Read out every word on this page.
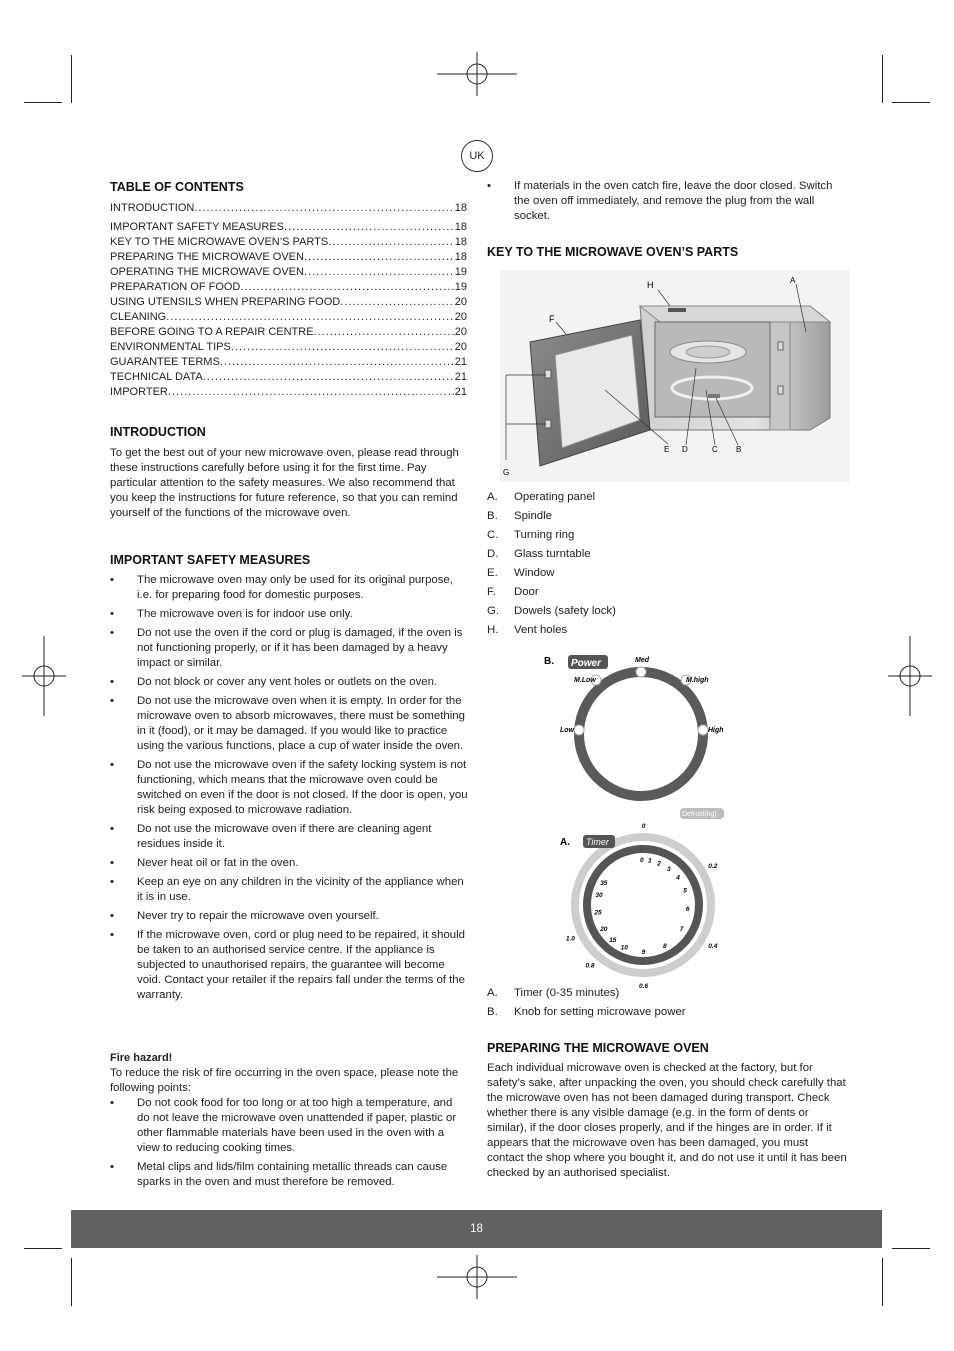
UK
TABLE OF CONTENTS
INTRODUCTION .....	18
IMPORTANT SAFETY MEASURES .....	18
KEY TO THE MICROWAVE OVEN’S PARTS .....	18
PREPARING THE MICROWAVE OVEN .....	18
OPERATING THE MICROWAVE OVEN .....	19
PREPARATION OF FOOD .....	19
USING UTENSILS WHEN PREPARING FOOD .....	20
CLEANING .....	20
BEFORE GOING TO A REPAIR CENTRE .....	20
ENVIRONMENTAL TIPS .....	20
GUARANTEE TERMS .....	21
TECHNICAL DATA .....	21
IMPORTER .....	21
INTRODUCTION

To get the best out of your new microwave oven, please read through these instructions carefully before using it for the first time. Pay particular attention to the safety measures. We also recommend that you keep the instructions for future reference, so that you can remind yourself of the functions of the microwave oven.

IMPORTANT SAFETY MEASURES
• The microwave oven may only be used for its original purpose, i.e. for preparing food for domestic purposes.
• The microwave oven is for indoor use only.
• Do not use the oven if the cord or plug is damaged, if the oven is not functioning properly, or if it has been damaged by a heavy impact or similar.
• Do not block or cover any vent holes or outlets on the oven.
• Do not use the microwave oven when it is empty. In order for the microwave oven to absorb microwaves, there must be something in it (food), or it may be damaged. If you would like to practice using the various functions, place a cup of water inside the oven.
• Do not use the microwave oven if the safety locking system is not functioning, which means that the microwave oven could be switched on even if the door is not closed. If the door is open, you risk being exposed to microwave radiation.
• Do not use the microwave oven if there are cleaning agent residues inside it.
• Never heat oil or fat in the oven.
• Keep an eye on any children in the vicinity of the appliance when it is in use.
• Never try to repair the microwave oven yourself.
• If the microwave oven, cord or plug need to be repaired, it should be taken to an authorised service centre. If the appliance is subjected to unauthorised repairs, the guarantee will become void. Contact your retailer if the repairs fall under the terms of the warranty.
Fire hazard!

To reduce the risk of fire occurring in the oven space, please note the following points:

• Do not cook food for too long or at too high a temperature, and do not leave the microwave oven unattended if paper, plastic or other flammable materials have been used in the oven with a view to reducing cooking times.
• Metal clips and lids/film containing metallic threads can cause sparks in the oven and must therefore be removed.
• If materials in the oven catch fire, leave the door closed. Switch the oven off immediately, and remove the plug from the wall socket.
KEY TO THE MICROWAVE OVEN’S PARTS
H	A
F
E D	C B
G
A.	Operating panel
B.	Spindle
C.	Turning ring
D.	Glass turntable
E.	Window
F.	Door
G.	Dowels (safety lock)
H.	Vent holes
B. Power	Med
M.Low	M.high
Low	High
A. Timer
Defrost(kg)
0 1 2
3
4
5
6
7
8
9
10
15
20
25
30
35
0
0.2
0.4
0.6
0.8
1.0
A.	Timer (0-35 minutes)
B.	Knob for setting microwave power
PREPARING THE MICROWAVE OVEN

Each individual microwave oven is checked at the factory, but for safety’s sake, after unpacking the oven, you should check carefully that the microwave oven has not been damaged during transport. Check whether there is any visible damage (e.g. in the form of dents or similar), if the door closes properly, and if the hinges are in order. If it appears that the microwave oven has been damaged, you must contact the shop where you bought it, and do not use it until it has been checked by an authorised specialist.

18
